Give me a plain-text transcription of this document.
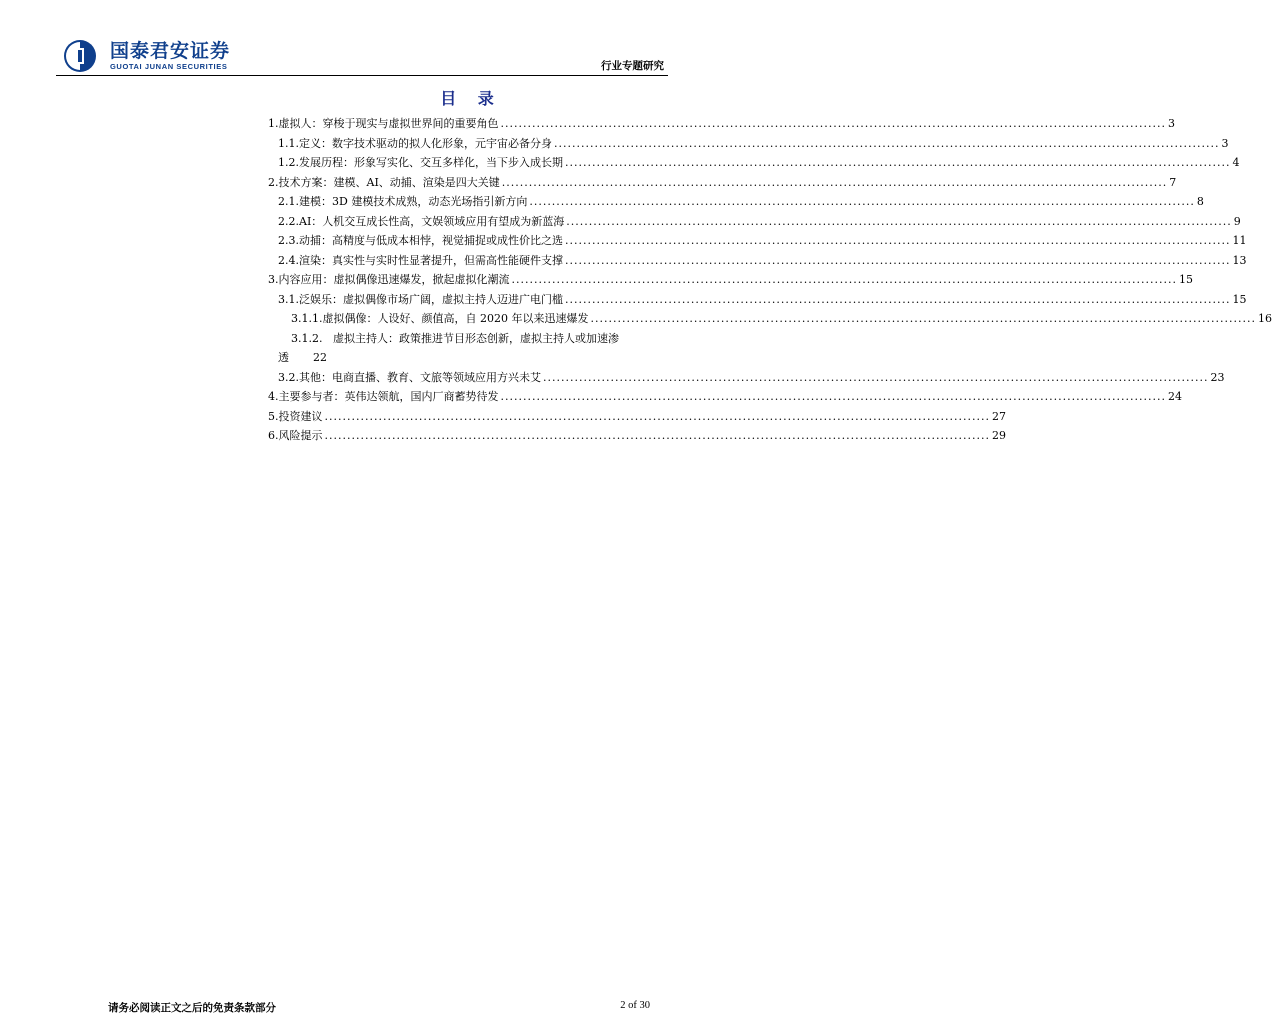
国泰君安证券
GUOTAI JUNAN SECURITIES	行业专题研究
目 录
1. 虚拟人：穿梭于现实与虚拟世界间的重要角色 .....	3
1.1. 定义：数字技术驱动的拟人化形象，元宇宙必备分身 .....	3
1.2. 发展历程：形象写实化、交互多样化，当下步入成长期 .....	4
2. 技术方案：建模、AI、动捕、渲染是四大关键 .....	7
2.1. 建模：3D 建模技术成熟，动态光场指引新方向 .....	8
2.2. AI：人机交互成长性高，文娱领域应用有望成为新蓝海 .....	9
2.3. 动捕：高精度与低成本相悖，视觉捕捉或成性价比之选 .....	11
2.4. 渲染：真实性与实时性显著提升，但需高性能硬件支撑 .....	13
3. 内容应用：虚拟偶像迅速爆发，掀起虚拟化潮流 .....	15
3.1. 泛娱乐：虚拟偶像市场广阔，虚拟主持人迈进广电门槛 .....	15
3.1.1. 虚拟偶像：人设好、颜值高，自 2020 年以来迅速爆发 .....	16
3.1.2. 虚拟主持人：政策推进节目形态创新，虚拟主持人或加速渗
透 22
3.2. 其他：电商直播、教育、文旅等领域应用方兴未艾 .....	23
4. 主要参与者：英伟达领航，国内厂商蓄势待发 .....	24
5. 投资建议 .....	27
6. 风险提示 .....	29
请务必阅读正文之后的免责条款部分	2 of 30
